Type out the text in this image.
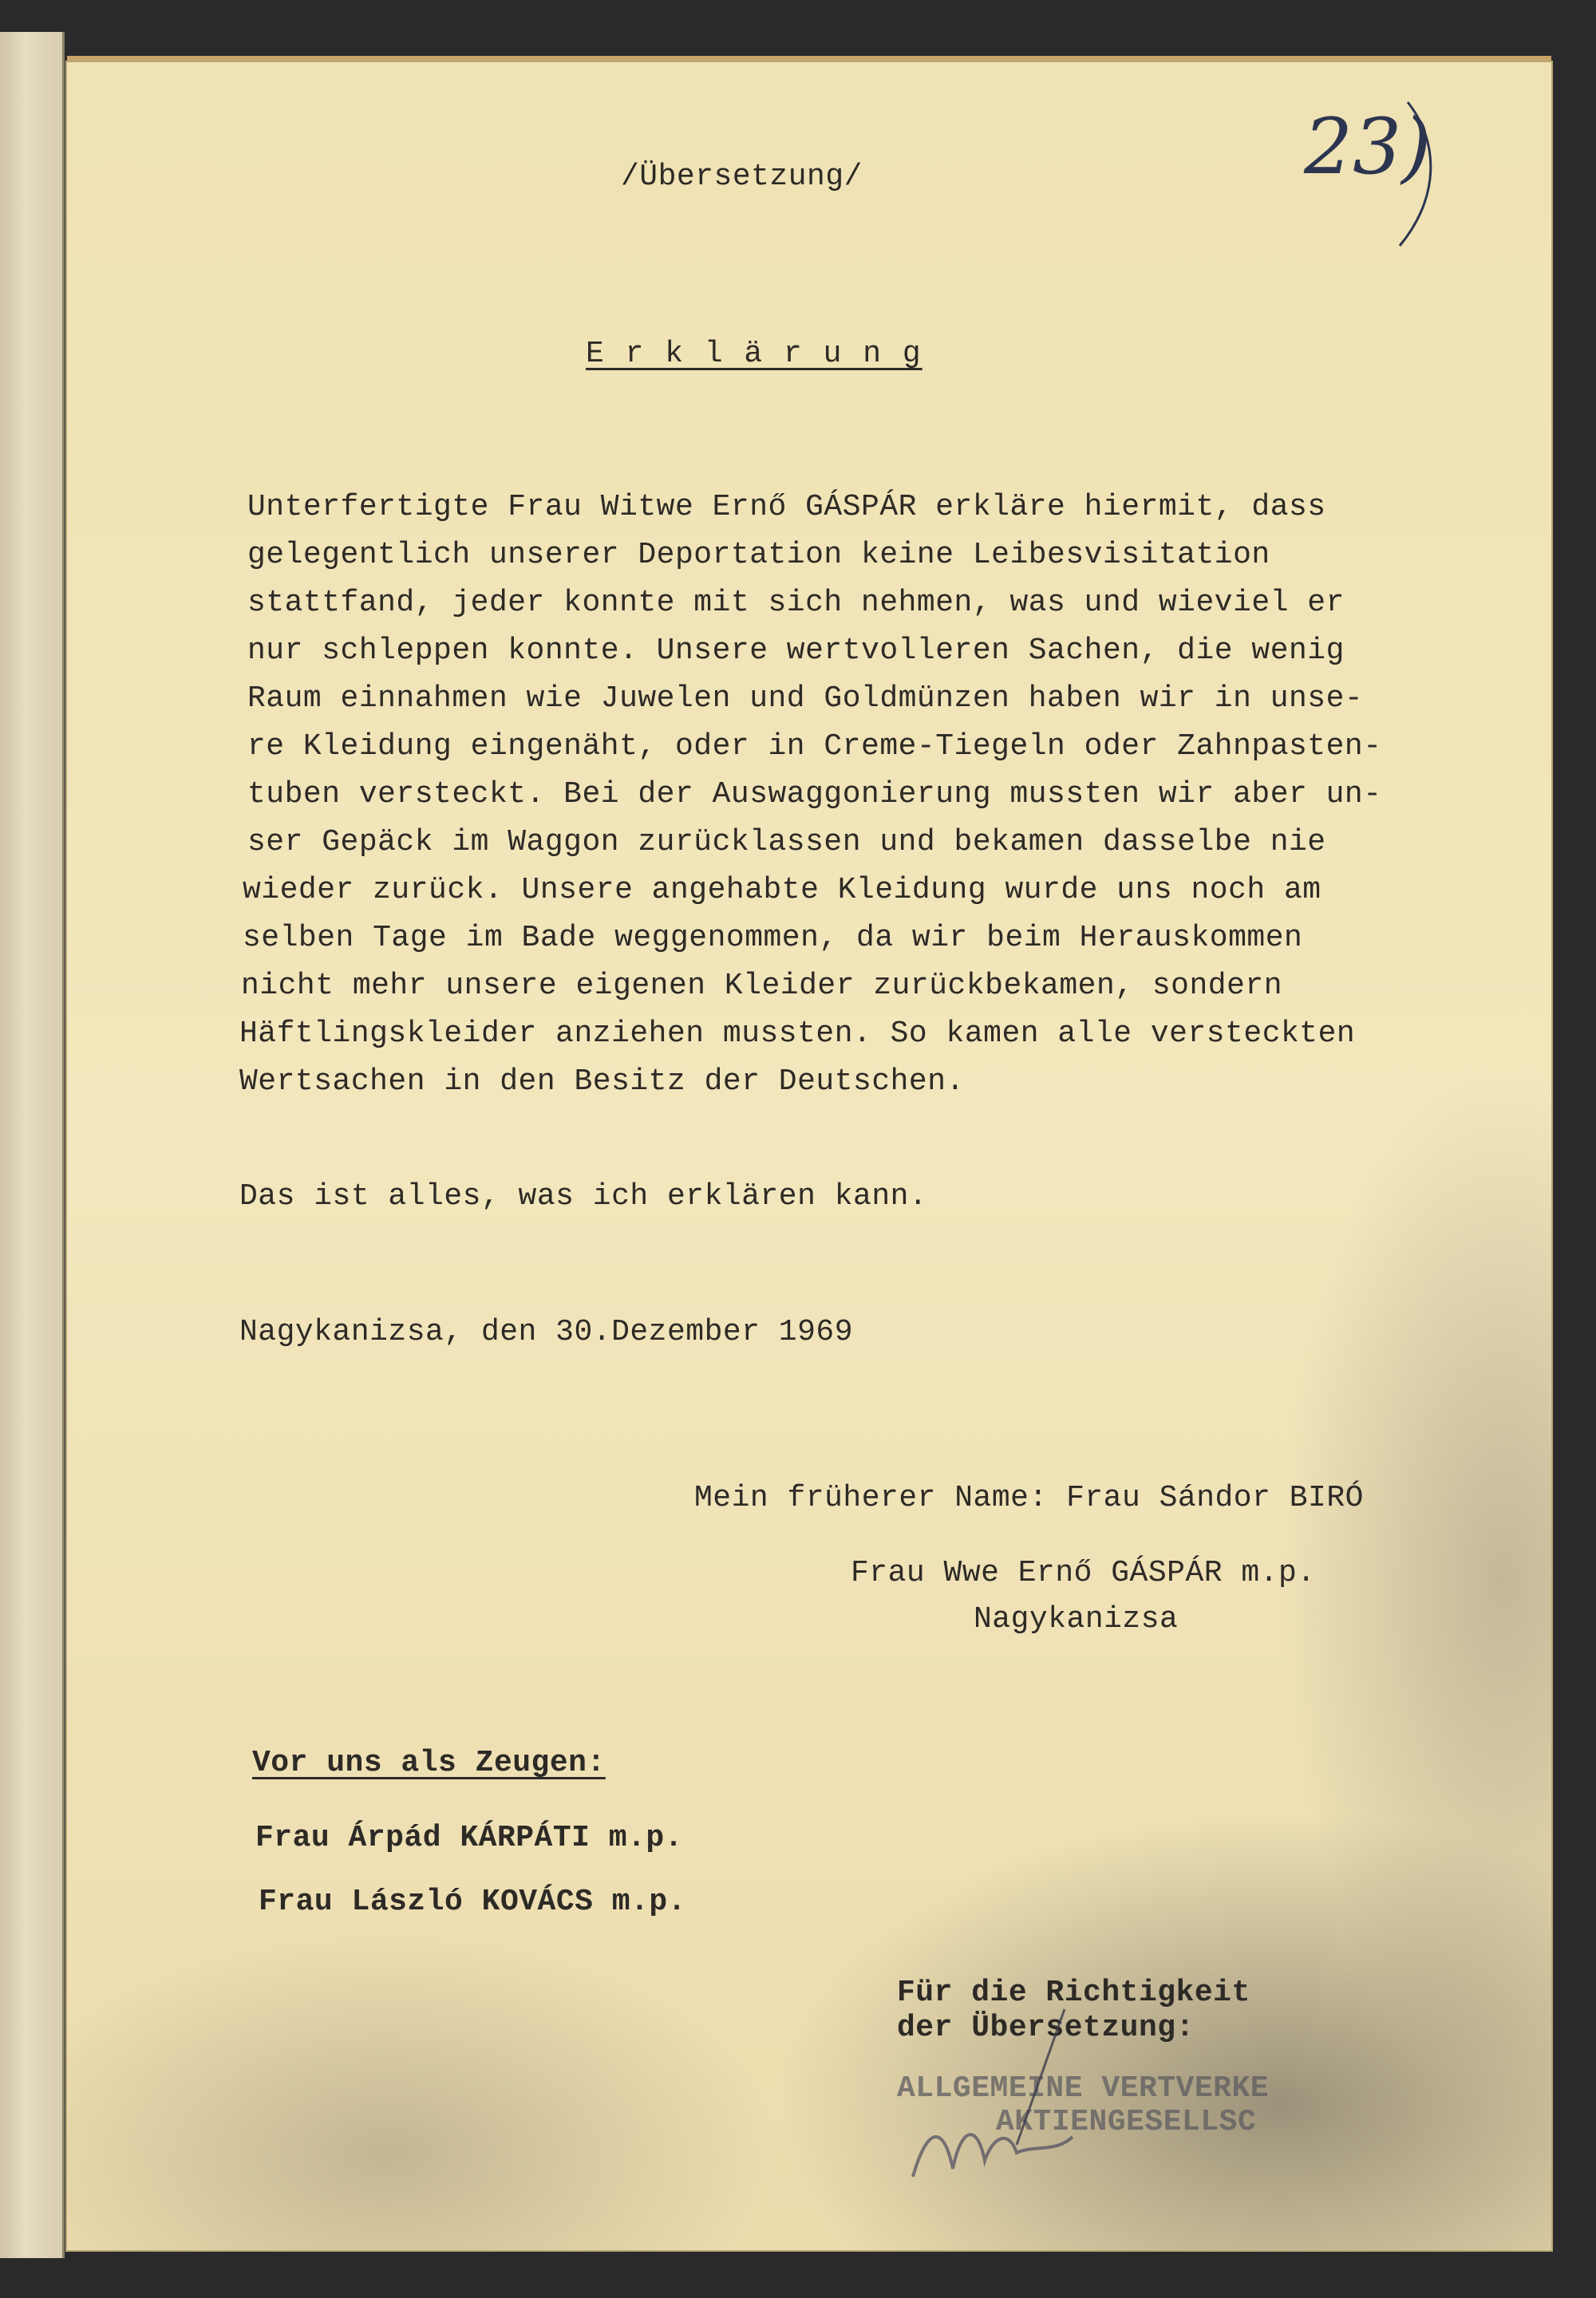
23)
/Übersetzung/
E r k l ä r u n g
Unterfertigte Frau Witwe Ernő GÁSPÁR erkläre hiermit, dass
gelegentlich unserer Deportation keine Leibesvisitation
stattfand, jeder konnte mit sich nehmen, was und wieviel er
nur schleppen konnte. Unsere wertvolleren Sachen, die wenig
Raum einnahmen wie Juwelen und Goldmünzen haben wir in unse-
re Kleidung eingenäht, oder in Creme-Tiegeln oder Zahnpasten-
tuben versteckt. Bei der Auswaggonierung mussten wir aber un-
ser Gepäck im Waggon zurücklassen und bekamen dasselbe nie
wieder zurück. Unsere angehabte Kleidung wurde uns noch am
selben Tage im Bade weggenommen, da wir beim Herauskommen
nicht mehr unsere eigenen Kleider zurückbekamen, sondern
Häftlingskleider anziehen mussten. So kamen alle versteckten
Wertsachen in den Besitz der Deutschen.
Das ist alles, was ich erklären kann.
Nagykanizsa, den 30.Dezember 1969
Mein früherer Name: Frau Sándor BIRÓ
Frau Wwe Ernő GÁSPÁR m.p.
Nagykanizsa
Vor uns als Zeugen:
Frau Árpád KÁRPÁTI m.p.
Frau László KOVÁCS m.p.
Für die Richtigkeit
der Übersetzung:
ALLGEMEINE VERTVERKE
AKTIENGESELLSC
